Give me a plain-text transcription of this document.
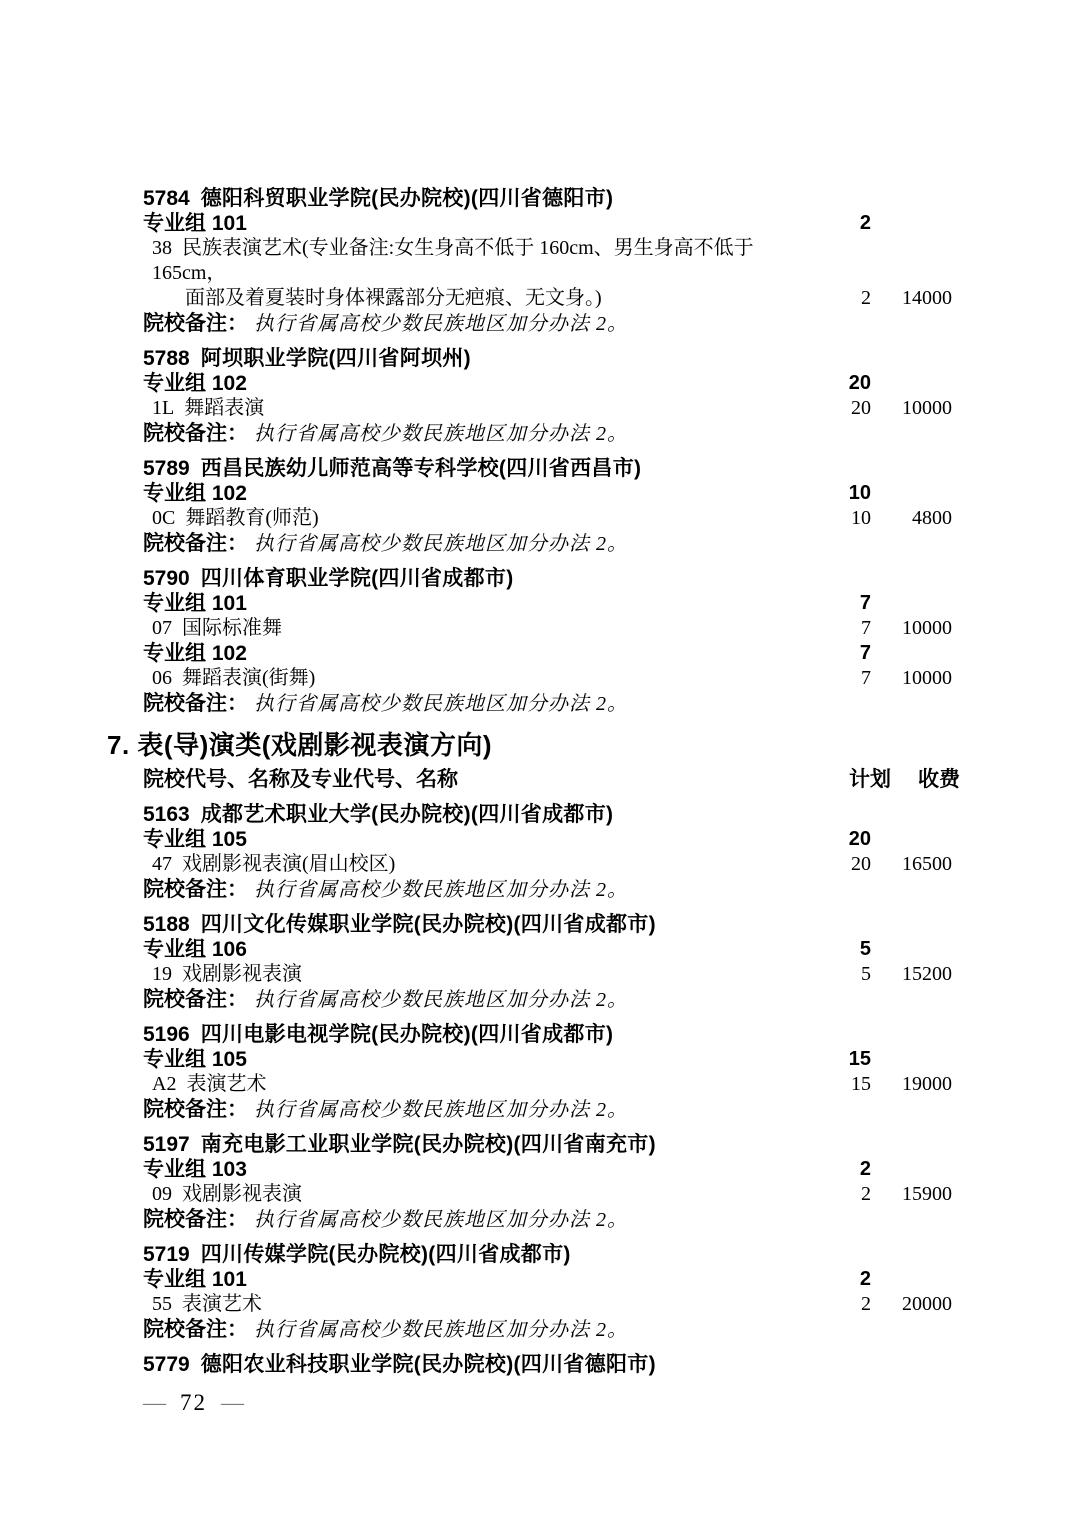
5784 德阳科贸职业学院(民办院校)(四川省德阳市)
专业组 101	2
38 民族表演艺术(专业备注:女生身高不低于 160cm、男生身高不低于 165cm，
面部及着夏装时身体裸露部分无疤痕、无文身。)	2	14000
院校备注： 执行省属高校少数民族地区加分办法 2。
5788 阿坝职业学院(四川省阿坝州)
专业组 102	20
1L 舞蹈表演	20	10000
院校备注： 执行省属高校少数民族地区加分办法 2。
5789 西昌民族幼儿师范高等专科学校(四川省西昌市)
专业组 102	10
0C 舞蹈教育(师范)	10	4800
院校备注： 执行省属高校少数民族地区加分办法 2。
5790 四川体育职业学院(四川省成都市)
专业组 101	7
07 国际标准舞	7	10000
专业组 102	7
06 舞蹈表演(街舞)	7	10000
院校备注： 执行省属高校少数民族地区加分办法 2。
7. 表(导)演类(戏剧影视表演方向)
院校代号、名称及专业代号、名称	计划	收费
5163 成都艺术职业大学(民办院校)(四川省成都市)
专业组 105	20
47 戏剧影视表演(眉山校区)	20	16500
院校备注： 执行省属高校少数民族地区加分办法 2。
5188 四川文化传媒职业学院(民办院校)(四川省成都市)
专业组 106	5
19 戏剧影视表演	5	15200
院校备注： 执行省属高校少数民族地区加分办法 2。
5196 四川电影电视学院(民办院校)(四川省成都市)
专业组 105	15
A2 表演艺术	15	19000
院校备注： 执行省属高校少数民族地区加分办法 2。
5197 南充电影工业职业学院(民办院校)(四川省南充市)
专业组 103	2
09 戏剧影视表演	2	15900
院校备注： 执行省属高校少数民族地区加分办法 2。
5719 四川传媒学院(民办院校)(四川省成都市)
专业组 101	2
55 表演艺术	2	20000
院校备注： 执行省属高校少数民族地区加分办法 2。
5779 德阳农业科技职业学院(民办院校)(四川省德阳市)
— 72 —
